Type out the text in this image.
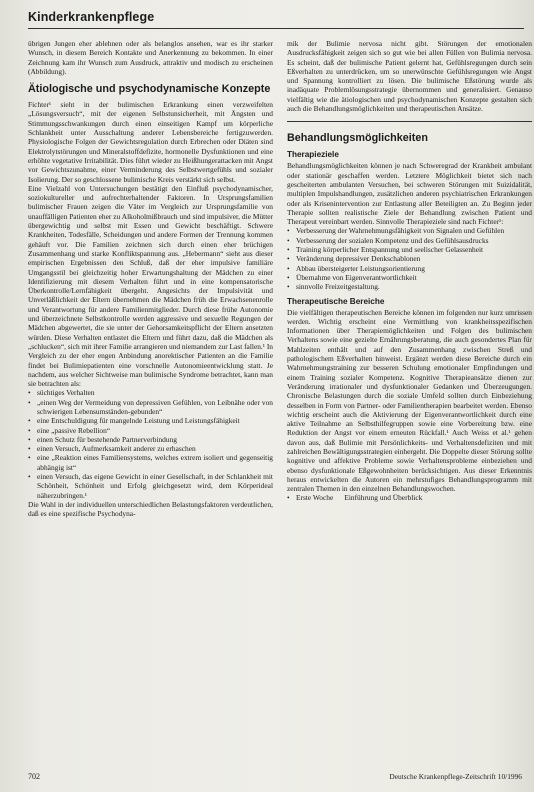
Kinderkrankenpflege

übrigen Jungen eher ablehnen oder als belanglos ansehen, war es ihr starker Wunsch, in diesem Bereich Kontakte und Anerkennung zu bekommen. In einer Zeichnung kam ihr Wunsch zum Ausdruck, attraktiv und modisch zu erscheinen (Abbildung).

Ätiologische und psychodynamische Konzepte

Fichter¹ sieht in der bulimischen Erkrankung einen verzweifelten „Lösungsversuch“, mit der eigenen Selbstunsicherheit, mit Ängsten und Stimmungsschwankungen durch einen einseitigen Kampf um körperliche Schlankheit unter Ausschaltung anderer Lebensbereiche fertigzuwerden. Physiologische Folgen der Gewichtsregulation durch Erbrechen oder Diäten sind Elektrolytstörungen und Mineralstoffdefizite, hormonelle Dysfunktionen und eine erhöhte vegetative Irritabilität. Dies führt wieder zu Heißhungerattacken mit Angst vor Gewichtszunahme, einer Verminderung des Selbstwertgefühls und sozialer Isolierung. Der so geschlossene bulimische Kreis verstärkt sich selbst.

Eine Vielzahl von Untersuchungen bestätigt den Einfluß psychodynamischer, soziokultureller und aufrechterhaltender Faktoren. In Ursprungsfamilien bulimischer Frauen zeigen die Väter im Vergleich zur Ursprungsfamilie von unauffälligen Patienten eher zu Alkoholmißbrauch und sind impulsiver, die Mütter übergewichtig und selbst mit Essen und Gewicht beschäftigt. Schwere Krankheiten, Todesfälle, Scheidungen und andere Formen der Trennung kommen gehäuft vor. Die Familien zeichnen sich durch einen eher brüchigen Zusammenhang und starke Konfliktspannung aus. „Hebermann“ sieht aus dieser empirischen Ergebnissen den Schluß, daß der eher impulsive familiäre Umgangsstil bei gleichzeitig hoher Erwartungshaltung der Mädchen zu einer Identifizierung mit diesem Verhalten führt und in eine kompensatorische Überkontrolle/Lernfähigkeit übergeht. Angesichts der Impulsivität und Unverläßlichkeit der Eltern übernehmen die Mädchen früh die Erwachsenenrolle und Verantwortung für andere Familienmitglieder. Durch diese frühe Autonomie und überzeichnete Selbstkontrolle werden aggressive und sexuelle Regungen der Mädchen abgewertet, die sie unter der Gehorsamkeitspflicht der Eltern ansetzten würden. Diese Verhalten entlastet die Eltern und führt dazu, daß die Mädchen als „schlucken“, sich mit ihrer Familie arrangieren und niemandem zur Last fallen.¹ In Vergleich zu der eher engen Anbindung anorektischer Patienten an die Familie findet bei Bulimiepatienten eine vorschnelle Autonomieentwicklung statt. Je nachdem, aus welcher Sichtweise man bulimische Syndrome betrachtet, kann man sie betrachten als:

• süchtiges Verhalten
• „einen Weg der Vermeidung von depressiven Gefühlen, von Leibnähe oder von schwierigen Lebensumständen-gebunden“
• eine Entschuldigung für mangelnde Leistung und Leistungsfähigkeit
• eine „passive Rebellion“
• einen Schutz für bestehende Partnerverbindung
• einen Versuch, Aufmerksamkeit anderer zu erhaschen
• eine „Reaktion eines Familiensystems, welches extrem isoliert und gegenseitig abhängig ist“
• einen Versuch, das eigene Gewicht in einer Gesellschaft, in der Schlankheit mit Schönheit, Schönheit und Erfolg gleichgesetzt wird, dem Körperideal näherzubringen.¹

Die Wahl in der individuellen unterschiedlichen Belastungsfaktoren verdeutlichen, daß es eine spezifische Psychodyna-

mik der Bulimie nervosa nicht gibt. Störungen der emotionalen Ausdrucksfähigkeit zeigen sich so gut wie bei allen Füllen von Bulimia nervosa. Es scheint, daß der bulimische Patient gelernt hat, Gefühlsregungen durch sein Eßverhalten zu unterdrücken, um so unerwünschte Gefühlsregungen wie Angst und Spannung kontrolliert zu lösen. Die bulimische Eßstörung wurde als inadäquate Problemlösungsstrategie übernommen und generalisiert. Genauso vielfältig wie die ätiologischen und psychodynamischen Konzepte gestalten sich auch die Behandlungsmöglichkeiten und therapeutischen Ansätze.

Behandlungsmöglichkeiten
Therapieziele

Behandlungsmöglichkeiten können je nach Schweregrad der Krankheit ambulant oder stationär geschaffen werden. Letztere Möglichkeit bietet sich nach gescheiterten ambulanten Versuchen, bei schweren Störungen mit Suizidalität, multiplen Impulshandlungen, zusätzlichen anderen psychiatrischen Erkrankungen oder als Krisenintervention zur Entlastung aller Beteiligten an. Zu Beginn jeder Therapie sollten realistische Ziele der Behandlung zwischen Patient und Therapeut vereinbart werden. Sinnvolle Therapieziele sind nach Fichter¹:

• Verbesserung der Wahrnehmungsfähigkeit von Signalen und Gefühlen
• Verbesserung der sozialen Kompetenz und des Gefühlsausdrucks
• Training körperlicher Entspannung und seelischer Gelassenheit
• Veränderung depressiver Denkschablonen
• Abbau übersteigerter Leistungsorientierung
• Übernahme von Eigenverantwortlichkeit
• sinnvolle Freizeitgestaltung.
Therapeutische Bereiche

Die vielfältigen therapeutischen Bereiche können im folgenden nur kurz umrissen werden. Wichtig erscheint eine Vermittlung von krankheitsspezifischen Informationen über Therapiemöglichkeiten und Folgen des bulimischen Verhaltens sowie eine gezielte Ernährungsberatung, die auch gesondertes Plan für Mahlzeiten enthält und auf den Zusammenhang zwischen Streß und pathologischem Eßverhalten hinweist. Ergänzt werden diese Bereiche durch ein Wahrnehmungstraining zur besseren Schulung emotionaler Empfindungen und einem Training sozialer Kompetenz. Kognitive Therapieansätze dienen zur Veränderung irrationaler und dysfunktionaler Gedanken und Überzeugungen. Chronische Belastungen durch die soziale Umfeld sollten durch Einbeziehung desselben in Form von Partner- oder Familientherapien bearbeitet werden. Ebenso wichtig erscheint auch die Aktivierung der Eigenverantwortlichkeit durch eine aktive Teilnahme an Selbsthilfegruppen sowie eine Vorbereitung bzw. eine Reduktion der Angst vor einem erneuten Rückfall.¹ Auch Weiss et al.¹ gehen davon aus, daß Bulimie mit Persönlichkeits- und Verhaltensdefiziten und mit zahlreichen Bewältigungsstrategien einhergeht. Die Doppelte dieser Störung sollte kognitive und affektive Probleme sowie Verhaltensprobleme einbeziehen und ebenso dysfunktionale Eßgewohnheiten berücksichtigen. Aus dieser Erkenntnis heraus entwickelten die Autoren ein mehrstufiges Behandlungsprogramm mit zentralen Themen in den einzelnen Behandlungswochen.

• Erste Woche      Einführung und Überblick
702	Deutsche Krankenpflege-Zeitschrift 10/1996
